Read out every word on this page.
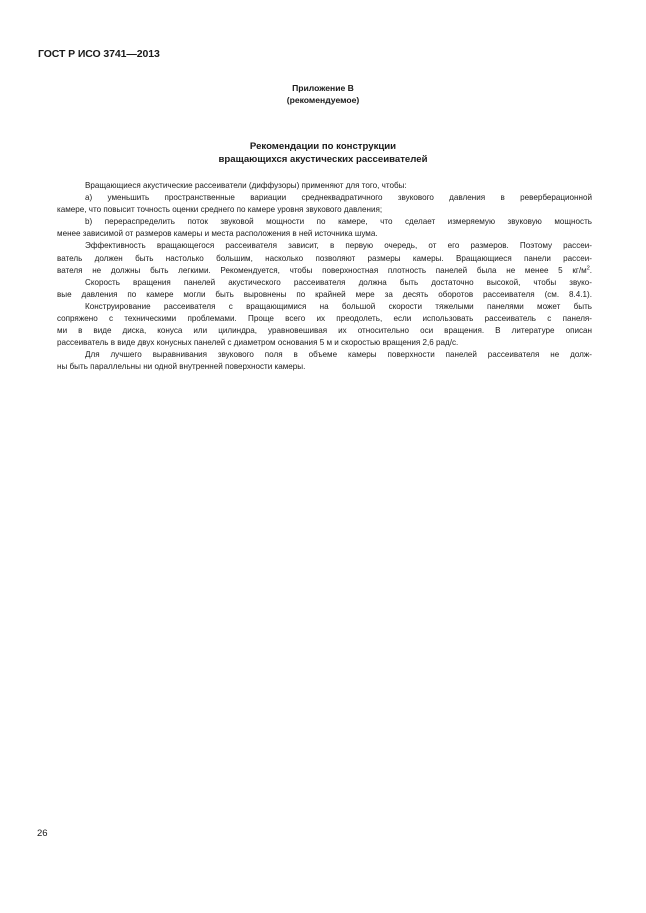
ГОСТ Р ИСО 3741—2013
Приложение В
(рекомендуемое)
Рекомендации по конструкции
вращающихся акустических рассеивателей

Вращающиеся акустические рассеиватели (диффузоры) применяют для того, чтобы:

а) уменьшить пространственные вариации среднеквадратичного звукового давления в реверберационной

камере, что повысит точность оценки среднего по камере уровня звукового давления;

b) перераспределить поток звуковой мощности по камере, что сделает измеряемую звуковую мощность

менее зависимой от размеров камеры и места расположения в ней источника шума.

Эффективность вращающегося рассеивателя зависит, в первую очередь, от его размеров. Поэтому рассеи-

ватель должен быть настолько большим, насколько позволяют размеры камеры. Вращающиеся панели рассеи-

вателя не должны быть легкими. Рекомендуется, чтобы поверхностная плотность панелей была не менее 5 $кг/м^2$.

Скорость вращения панелей акустического рассеивателя должна быть достаточно высокой, чтобы звуко-

вые давления по камере могли быть выровнены по крайней мере за десять оборотов рассеивателя (см. 8.4.1).

Конструирование рассеивателя с вращающимися на большой скорости тяжелыми панелями может быть

сопряжено с техническими проблемами. Проще всего их преодолеть, если использовать рассеиватель с панеля-

ми в виде диска, конуса или цилиндра, уравновешивая их относительно оси вращения. В литературе описан

рассеиватель в виде двух конусных панелей с диаметром основания 5 м и скоростью вращения 2,6 рад/с.

Для лучшего выравнивания звукового поля в объеме камеры поверхности панелей рассеивателя не долж-

ны быть параллельны ни одной внутренней поверхности камеры.

26
